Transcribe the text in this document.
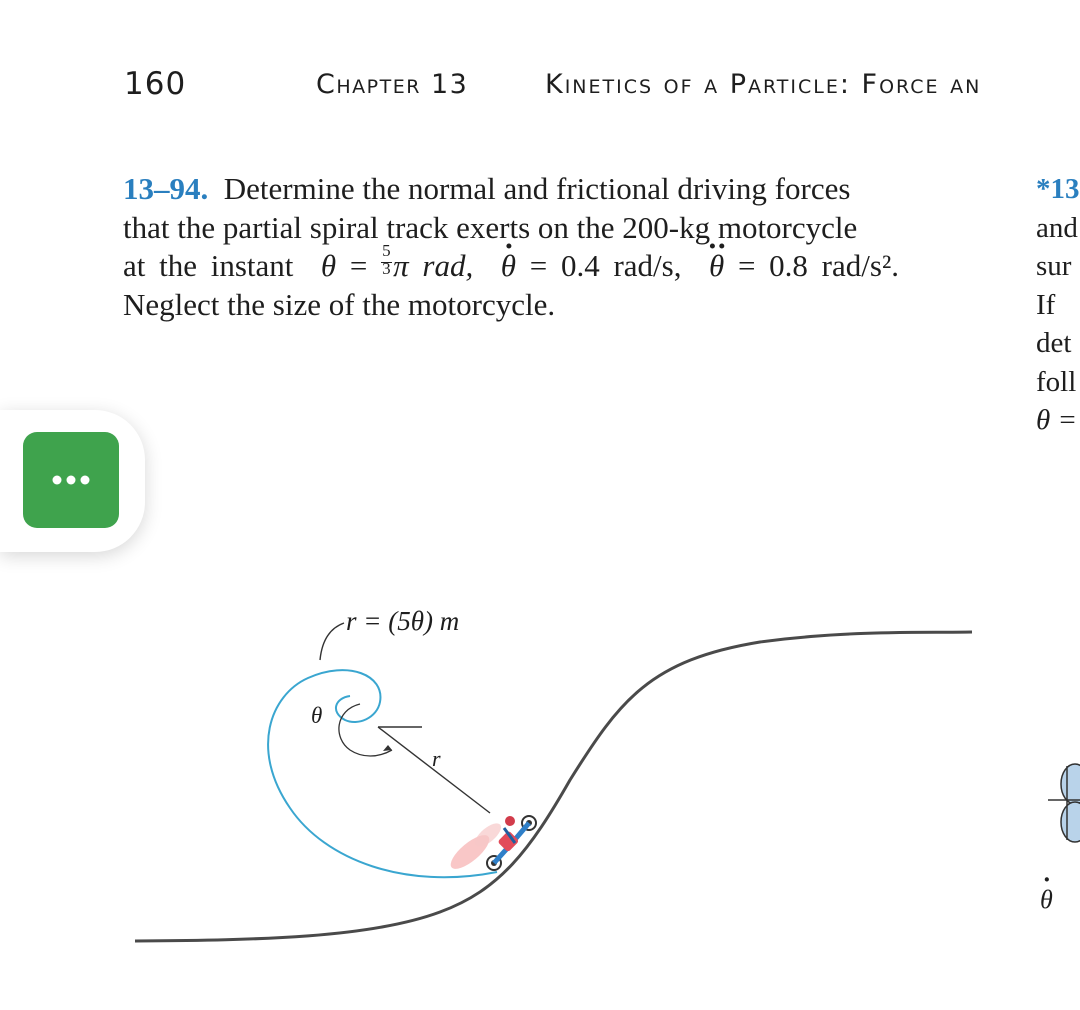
160	Chapter 13	Kinetics of a Particle: Force an
13–94. Determine the normal and frictional driving forces
that the partial spiral track exerts on the 200-kg motorcycle
at the instant $\theta = \frac{5}{3}$ π rad, · θ = 0.4 rad/s, ·· θ = 0.8 rad/s².
Neglect the size of the motorcycle.
*13
and
sur
If
det
foll
θ =
r = (5θ) m
θ
r
· θ
